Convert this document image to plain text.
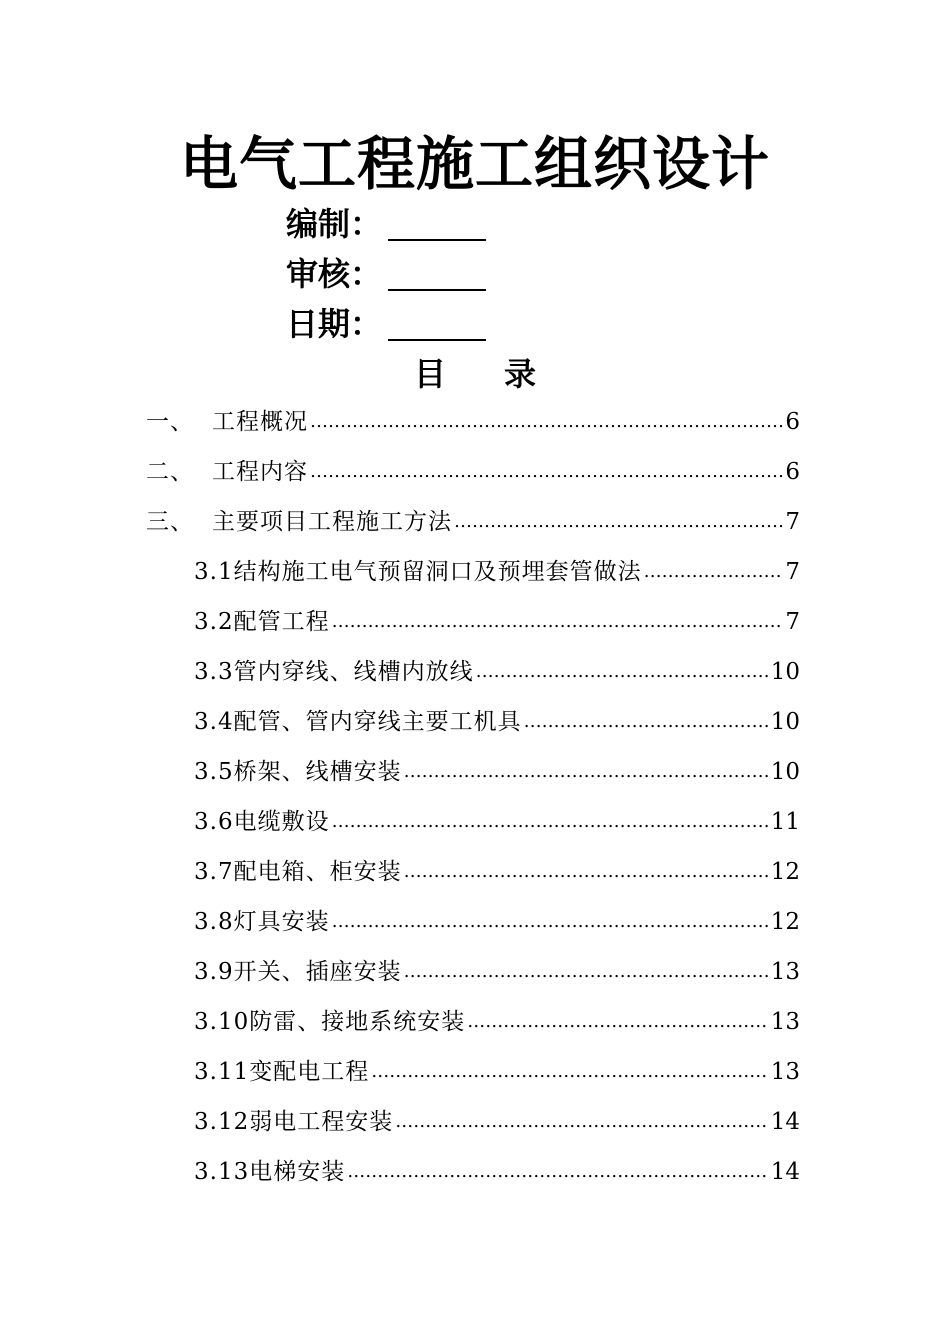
电气工程施工组织设计
编制：
审核：
日期：
目 录
一、 工程概况 ……………………………………………………………………………………………………………………………………	6
二、 工程内容 ……………………………………………………………………………………………………………………………………	6
三、 主要项目工程施工方法 ……………………………………………………………………………………………………………………………………	7
3.1结构施工电气预留洞口及预埋套管做法 ……………………………………………………………………………………………………………………………………	7
3.2配管工程 ……………………………………………………………………………………………………………………………………	7
3.3管内穿线、线槽内放线 ……………………………………………………………………………………………………………………………………	10
3.4配管、管内穿线主要工机具 ……………………………………………………………………………………………………………………………………	10
3.5桥架、线槽安装 ……………………………………………………………………………………………………………………………………	10
3.6电缆敷设 ……………………………………………………………………………………………………………………………………	11
3.7配电箱、柜安装 ……………………………………………………………………………………………………………………………………	12
3.8灯具安装 ……………………………………………………………………………………………………………………………………	12
3.9开关、插座安装 ……………………………………………………………………………………………………………………………………	13
3.10防雷、接地系统安装 ……………………………………………………………………………………………………………………………………	13
3.11变配电工程 ……………………………………………………………………………………………………………………………………	13
3.12弱电工程安装 ……………………………………………………………………………………………………………………………………	14
3.13电梯安装 ……………………………………………………………………………………………………………………………………	14
